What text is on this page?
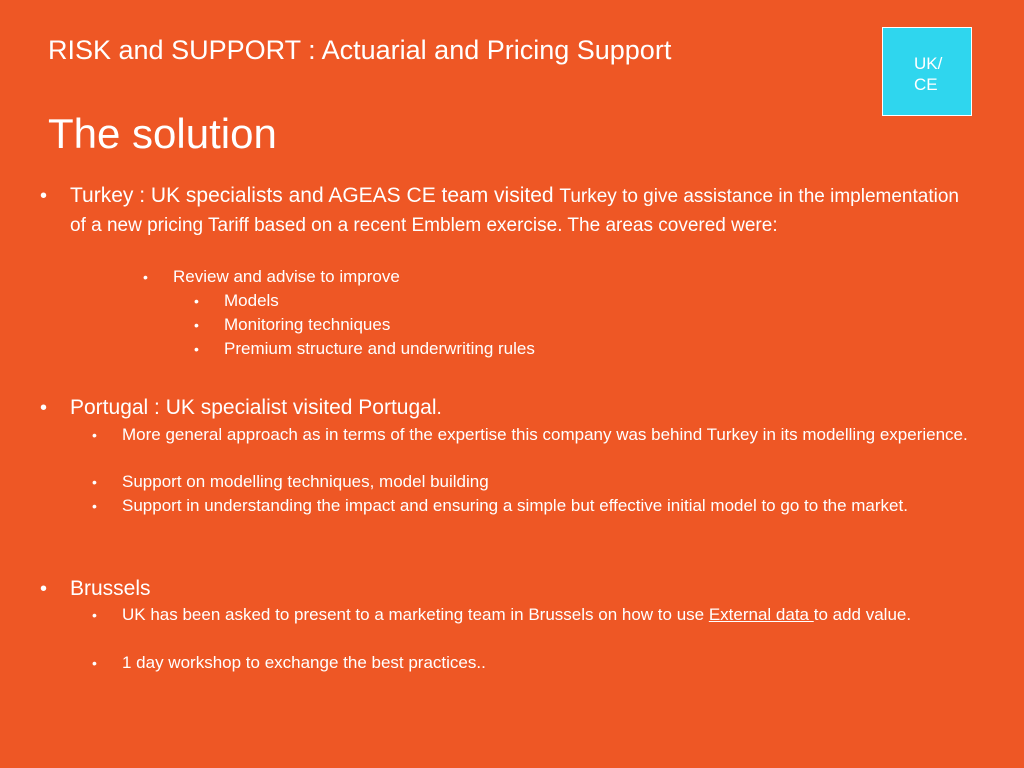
RISK and SUPPORT : Actuarial and Pricing Support	UK/
CE
The solution
• Turkey : UK specialists and AGEAS CE team visited Turkey to give assistance in the implementation of a new pricing Tariff based on a recent Emblem exercise. The areas covered were:
• Review and advise to improve
• Models
• Monitoring techniques
• Premium structure and underwriting rules
• Portugal : UK specialist visited Portugal.
• More general approach as in terms of the expertise this company was behind Turkey in its modelling experience.
• Support on modelling techniques, model building
• Support in understanding the impact and ensuring a simple but effective initial model to go to the market.
• Brussels
• UK has been asked to present to a marketing team in Brussels on how to use External data to add value.
• 1 day workshop to exchange the best practices..
